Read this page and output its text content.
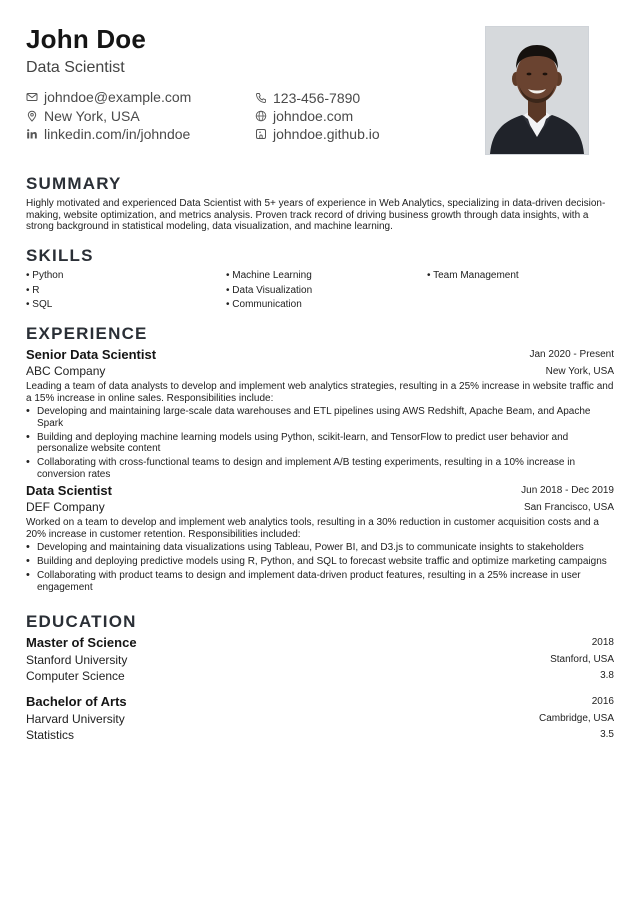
John Doe
Data Scientist
johndoe@example.com	123-456-7890
New York, USA	johndoe.com
linkedin.com/in/johndoe	johndoe.github.io
SUMMARY
Highly motivated and experienced Data Scientist with 5+ years of experience in Web Analytics, specializing in data-driven decision-making, website optimization, and metrics analysis. Proven track record of driving business growth through data insights, with a strong background in statistical modeling, data visualization, and machine learning.
SKILLS
• Python
• R
• SQL
• Machine Learning
• Data Visualization
• Communication
• Team Management
EXPERIENCE
Senior Data Scientist	Jan 2020 - Present
ABC Company	New York, USA
Leading a team of data analysts to develop and implement web analytics strategies, resulting in a 25% increase in website traffic and a 15% increase in online sales. Responsibilities include:
• Developing and maintaining large-scale data warehouses and ETL pipelines using AWS Redshift, Apache Beam, and Apache Spark
• Building and deploying machine learning models using Python, scikit-learn, and TensorFlow to predict user behavior and personalize website content
• Collaborating with cross-functional teams to design and implement A/B testing experiments, resulting in a 10% increase in conversion rates
Data Scientist	Jun 2018 - Dec 2019
DEF Company	San Francisco, USA
Worked on a team to develop and implement web analytics tools, resulting in a 30% reduction in customer acquisition costs and a 20% increase in customer retention. Responsibilities included:
• Developing and maintaining data visualizations using Tableau, Power BI, and D3.js to communicate insights to stakeholders
• Building and deploying predictive models using R, Python, and SQL to forecast website traffic and optimize marketing campaigns
• Collaborating with product teams to design and implement data-driven product features, resulting in a 25% increase in user engagement
EDUCATION
Master of Science	2018
Stanford University	Stanford, USA
Computer Science	3.8
Bachelor of Arts	2016
Harvard University	Cambridge, USA
Statistics	3.5
